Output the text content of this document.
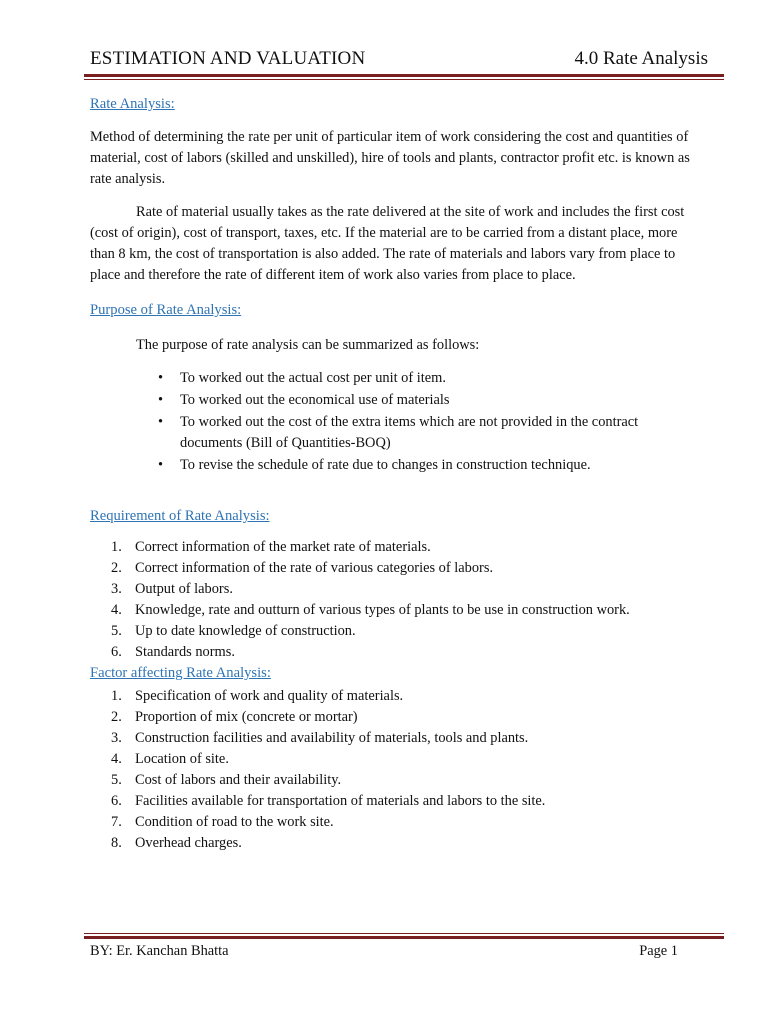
ESTIMATION AND VALUATION	4.0 Rate Analysis
Rate Analysis:

Method of determining the rate per unit of particular item of work considering the cost and quantities of material, cost of labors (skilled and unskilled), hire of tools and plants, contractor profit etc. is known as rate analysis.

Rate of material usually takes as the rate delivered at the site of work and includes the first cost (cost of origin), cost of transport, taxes, etc. If the material are to be carried from a distant place, more than 8 km, the cost of transportation is also added. The rate of materials and labors vary from place to place and therefore the rate of different item of work also varies from place to place.

Purpose of Rate Analysis:

The purpose of rate analysis can be summarized as follows:

• To worked out the actual cost per unit of item.
• To worked out the economical use of materials
• To worked out the cost of the extra items which are not provided in the contract documents (Bill of Quantities-BOQ)
• To revise the schedule of rate due to changes in construction technique.
Requirement of Rate Analysis:
1. Correct information of the market rate of materials.
2. Correct information of the rate of various categories of labors.
3. Output of labors.
4. Knowledge, rate and outturn of various types of plants to be use in construction work.
5. Up to date knowledge of construction.
6. Standards norms.
Factor affecting Rate Analysis:
1. Specification of work and quality of materials.
2. Proportion of mix (concrete or mortar)
3. Construction facilities and availability of materials, tools and plants.
4. Location of site.
5. Cost of labors and their availability.
6. Facilities available for transportation of materials and labors to the site.
7. Condition of road to the work site.
8. Overhead charges.
BY: Er. Kanchan Bhatta	Page 1
